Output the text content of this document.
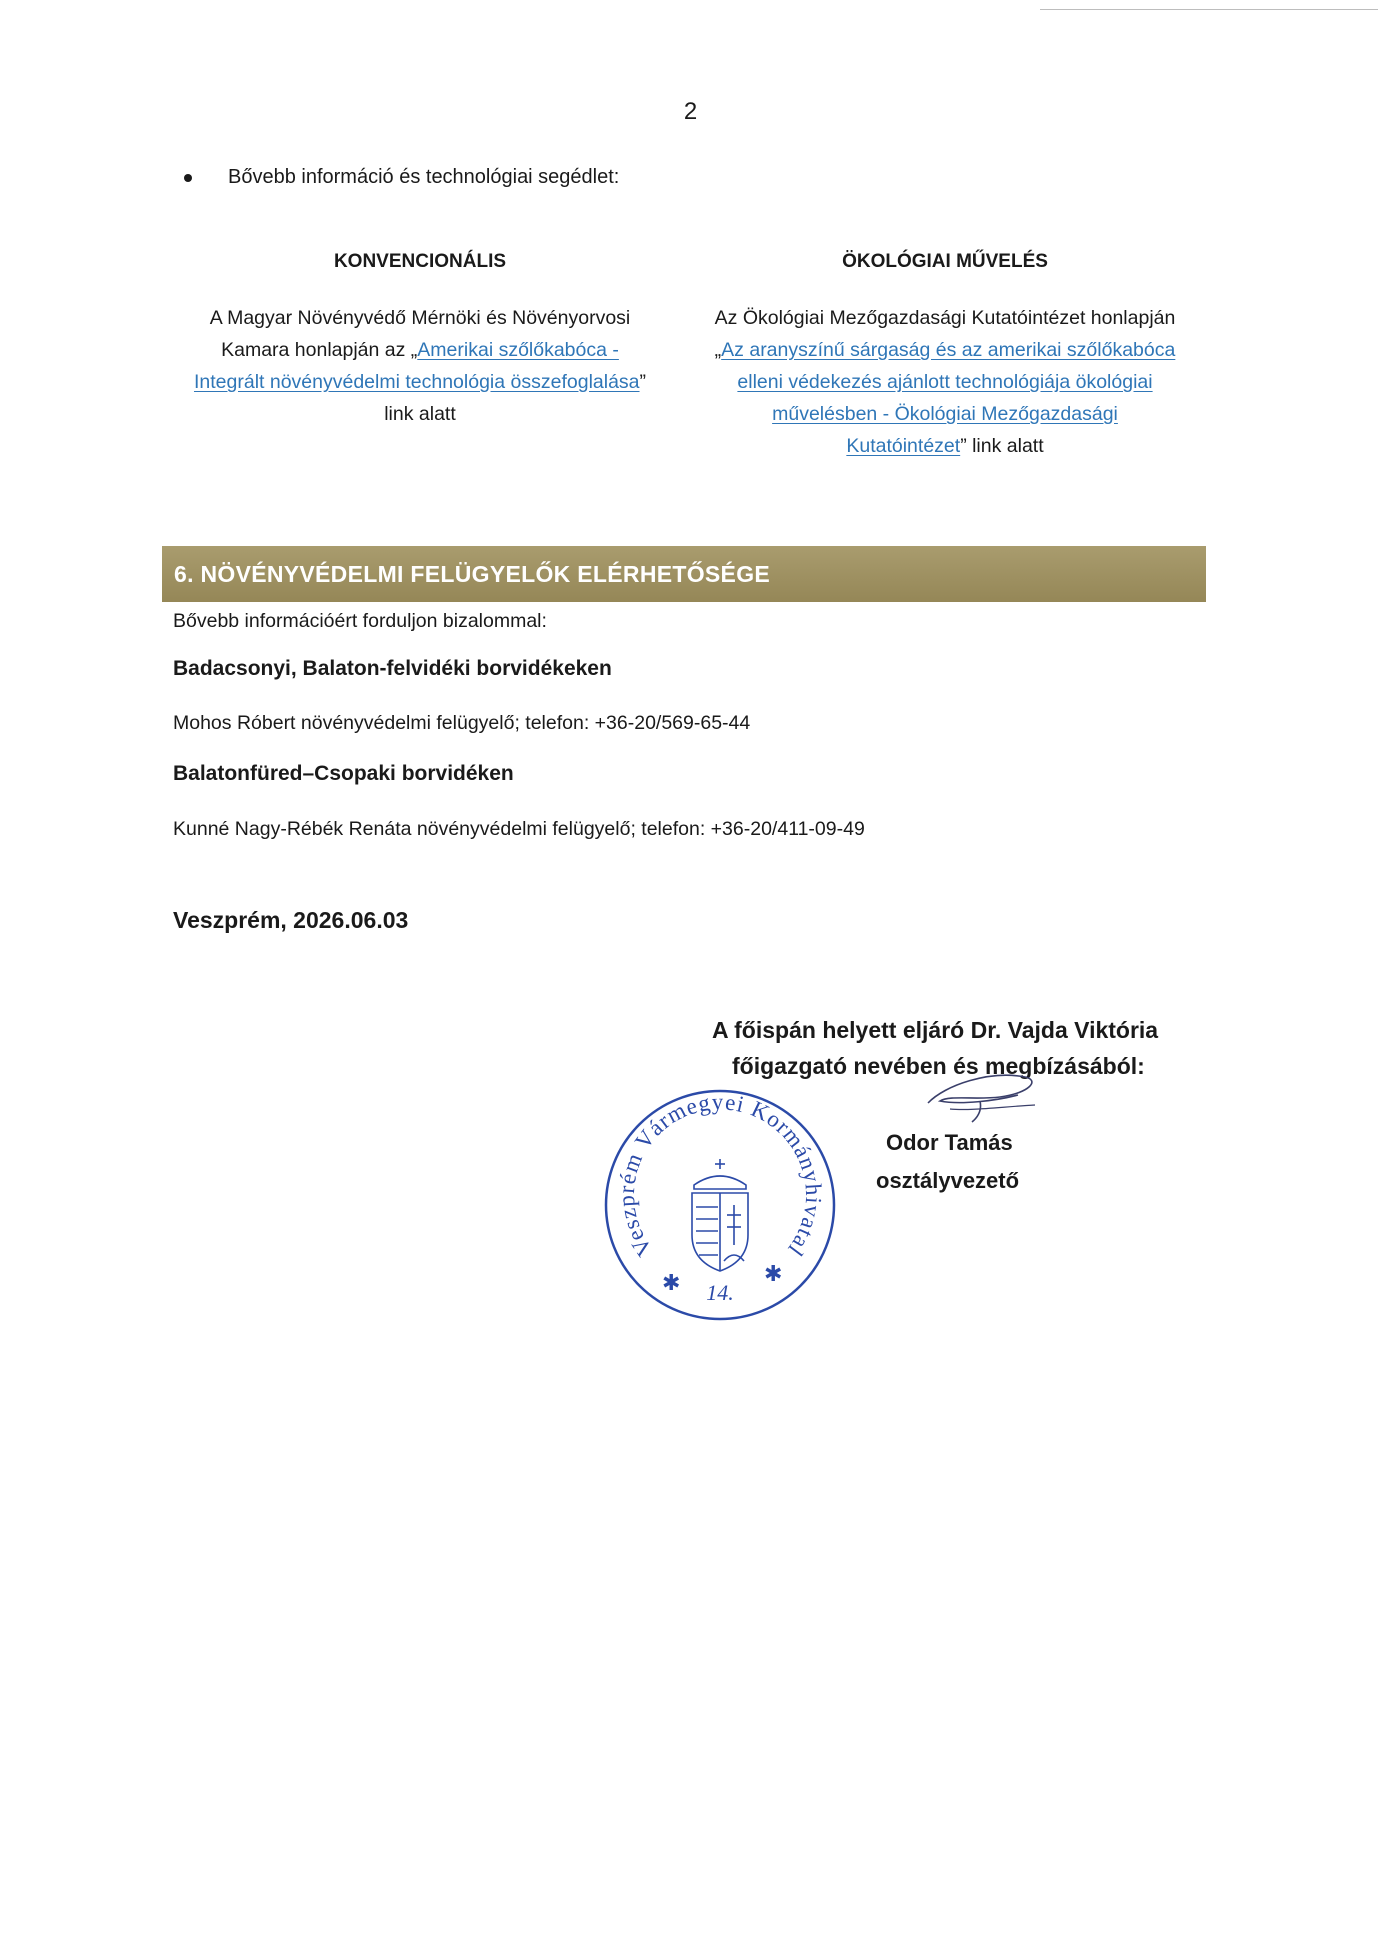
2
Bővebb információ és technológiai segédlet:
KONVENCIONÁLIS
A Magyar Növényvédő Mérnöki és Növényorvosi
Kamara honlapján az „Amerikai szőlőkabóca -
Integrált növényvédelmi technológia összefoglalása”
link alatt
ÖKOLÓGIAI MŰVELÉS
Az Ökológiai Mezőgazdasági Kutatóintézet honlapján
„Az aranyszínű sárgaság és az amerikai szőlőkabóca
elleni védekezés ajánlott technológiája ökológiai
művelésben - Ökológiai Mezőgazdasági
Kutatóintézet” link alatt
6. NÖVÉNYVÉDELMI FELÜGYELŐK ELÉRHETŐSÉGE
Bővebb információért forduljon bizalommal:
Badacsonyi, Balaton-felvidéki borvidékeken
Mohos Róbert növényvédelmi felügyelő; telefon: +36-20/569-65-44
Balatonfüred–Csopaki borvidéken
Kunné Nagy-Rébék Renáta növényvédelmi felügyelő; telefon: +36-20/411-09-49
Veszprém, 2026.06.03
A főispán helyett eljáró Dr. Vajda Viktória
főigazgató nevében és megbízásából:
Odor Tamás
osztályvezető
Veszprém Vármegyei Kormányhivatal
✱	✱
14.
